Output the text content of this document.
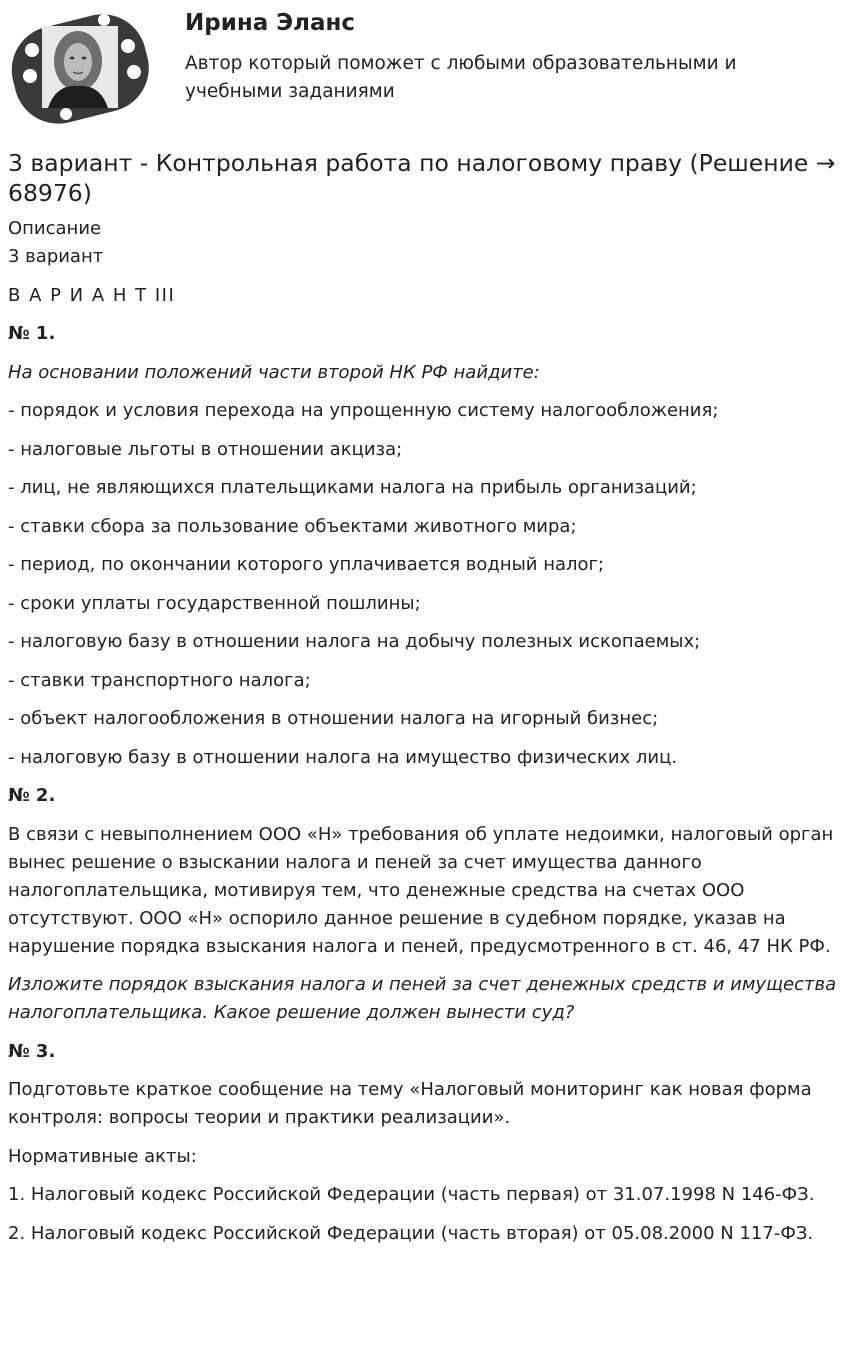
Ирина Эланс
Автор который поможет с любыми образовательными и учебными заданиями
3 вариант - Контрольная работа по налоговому праву (Решение → 68976)

Описание

3 вариант

В А Р И А Н Т III

№ 1.

На основании положений части второй НК РФ найдите:

- порядок и условия перехода на упрощенную систему налогообложения;

- налоговые льготы в отношении акциза;

- лиц, не являющихся плательщиками налога на прибыль организаций;

- ставки сбора за пользование объектами животного мира;

- период, по окончании которого уплачивается водный налог;

- сроки уплаты государственной пошлины;

- налоговую базу в отношении налога на добычу полезных ископаемых;

- ставки транспортного налога;

- объект налогообложения в отношении налога на игорный бизнес;

- налоговую базу в отношении налога на имущество физических лиц.

№ 2.

В связи с невыполнением ООО «Н» требования об уплате недоимки, налоговый орган вынес решение о взыскании налога и пеней за счет имущества данного налогоплательщика, мотивируя тем, что денежные средства на счетах ООО отсутствуют. ООО «Н» оспорило данное решение в судебном порядке, указав на нарушение порядка взыскания налога и пеней, предусмотренного в ст. 46, 47 НК РФ.

Изложите порядок взыскания налога и пеней за счет денежных средств и имущества налогоплательщика. Какое решение должен вынести суд?

№ 3.

Подготовьте краткое сообщение на тему «Налоговый мониторинг как новая форма контроля: вопросы теории и практики реализации».

Нормативные акты:

1. Налоговый кодекс Российской Федерации (часть первая) от 31.07.1998 N 146-ФЗ.

2. Налоговый кодекс Российской Федерации (часть вторая) от 05.08.2000 N 117-ФЗ.
